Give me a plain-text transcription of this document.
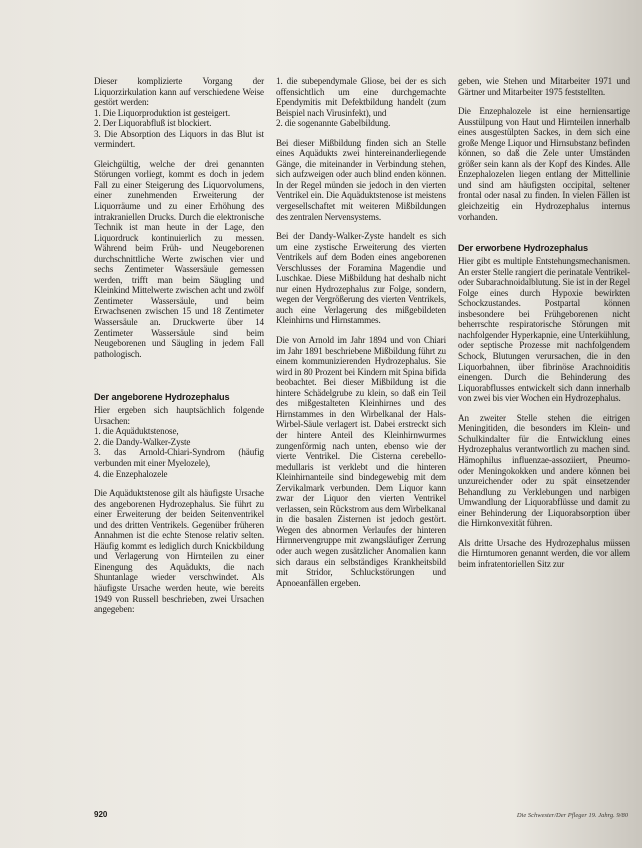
Dieser komplizierte Vorgang der Liquorzirkulation kann auf verschiedene Weise gestört werden:

1. Die Liquorproduktion ist gesteigert.

2. Der Liquorabfluß ist blockiert.

3. Die Absorption des Liquors in das Blut ist vermindert.

Gleichgültig, welche der drei genannten Störungen vorliegt, kommt es doch in jedem Fall zu einer Steigerung des Liquorvolumens, einer zunehmenden Erweiterung der Liquorräume und zu einer Erhöhung des intrakraniellen Drucks. Durch die elektronische Technik ist man heute in der Lage, den Liquordruck kontinuierlich zu messen. Während beim Früh- und Neugeborenen durchschnittliche Werte zwischen vier und sechs Zentimeter Wassersäule gemessen werden, trifft man beim Säugling und Kleinkind Mittelwerte zwischen acht und zwölf Zentimeter Wassersäule, und beim Erwachsenen zwischen 15 und 18 Zentimeter Wassersäule an. Druckwerte über 14 Zentimeter Wassersäule sind beim Neugeborenen und Säugling in jedem Fall pathologisch.

Der angeborene Hydrozephalus

Hier ergeben sich hauptsächlich folgende Ursachen:

1. die Aquäduktstenose,

2. die Dandy-Walker-Zyste

3. das Arnold-Chiari-Syndrom (häufig verbunden mit einer Myelozele),

4. die Enzephalozele

Die Aquäduktstenose gilt als häufigste Ursache des angeborenen Hydrozephalus. Sie führt zu einer Erweiterung der beiden Seitenventrikel und des dritten Ventrikels. Gegenüber früheren Annahmen ist die echte Stenose relativ selten. Häufig kommt es lediglich durch Knickbildung und Verlagerung von Hirnteilen zu einer Einengung des Aquädukts, die nach Shuntanlage wieder verschwindet. Als häufigste Ursache werden heute, wie bereits 1949 von Russell beschrieben, zwei Ursachen angegeben:

1. die subependymale Gliose, bei der es sich offensichtlich um eine durchgemachte Ependymitis mit Defektbildung handelt (zum Beispiel nach Virusinfekt), und

2. die sogenannte Gabelbildung.

Bei dieser Mißbildung finden sich an Stelle eines Aquädukts zwei hintereinanderliegende Gänge, die miteinander in Verbindung stehen, sich aufzweigen oder auch blind enden können. In der Regel münden sie jedoch in den vierten Ventrikel ein. Die Aquäduktstenose ist meistens vergesellschaftet mit weiteren Mißbildungen des zentralen Nervensystems.

Bei der Dandy-Walker-Zyste handelt es sich um eine zystische Erweiterung des vierten Ventrikels auf dem Boden eines angeborenen Verschlusses der Foramina Magendie und Luschkae. Diese Mißbildung hat deshalb nicht nur einen Hydrozephalus zur Folge, sondern, wegen der Vergrößerung des vierten Ventrikels, auch eine Verlagerung des mißgebildeten Kleinhirns und Hirnstammes.

Die von Arnold im Jahr 1894 und von Chiari im Jahr 1891 beschriebene Mißbildung führt zu einem kommunizierenden Hydrozephalus. Sie wird in 80 Prozent bei Kindern mit Spina bifida beobachtet. Bei dieser Mißbildung ist die hintere Schädelgrube zu klein, so daß ein Teil des mißgestalteten Kleinhirnes und des Hirnstammes in den Wirbelkanal der Hals-Wirbel-Säule verlagert ist. Dabei erstreckt sich der hintere Anteil des Kleinhirnwurmes zungenförmig nach unten, ebenso wie der vierte Ventrikel. Die Cisterna cerebello-medullaris ist verklebt und die hinteren Kleinhirnanteile sind bindegewebig mit dem Zervikalmark verbunden. Dem Liquor kann zwar der Liquor den vierten Ventrikel verlassen, sein Rückstrom aus dem Wirbelkanal in die basalen Zisternen ist jedoch gestört. Wegen des abnormen Verlaufes der hinteren Hirnnervengruppe mit zwangsläufiger Zerrung oder auch wegen zusätzlicher Anomalien kann sich daraus ein selbständiges Krankheitsbild mit Stridor, Schluckstörungen und Apnoeanfällen ergeben.

geben, wie Stehen und Mitarbeiter 1971 und Gärtner und Mitarbeiter 1975 feststellten.

Die Enzephalozele ist eine herniensartige Ausstülpung von Haut und Hirnteilen innerhalb eines ausgestülpten Sackes, in dem sich eine große Menge Liquor und Hirnsubstanz befinden können, so daß die Zele unter Umständen größer sein kann als der Kopf des Kindes. Alle Enzephalozelen liegen entlang der Mittellinie und sind am häufigsten occipital, seltener frontal oder nasal zu finden. In vielen Fällen ist gleichzeitig ein Hydrozephalus internus vorhanden.

Der erworbene Hydrozephalus

Hier gibt es multiple Entstehungsmechanismen. An erster Stelle rangiert die perinatale Ventrikel- oder Subarachnoidalblutung. Sie ist in der Regel Folge eines durch Hypoxie bewirkten Schockzustandes. Postpartal können insbesondere bei Frühgeborenen nicht beherrschte respiratorische Störungen mit nachfolgender Hyperkapnie, eine Unterkühlung, oder septische Prozesse mit nachfolgendem Schock, Blutungen verursachen, die in den Liquorbahnen, über fibrinöse Arachnoiditis einengen. Durch die Behinderung des Liquorabflusses entwickelt sich dann innerhalb von zwei bis vier Wochen ein Hydrozephalus.

An zweiter Stelle stehen die eitrigen Meningitiden, die besonders im Klein- und Schulkindalter für die Entwicklung eines Hydrozephalus verantwortlich zu machen sind. Hämophilus influenzae-assoziiert, Pneumo- oder Meningokokken und andere können bei unzureichender oder zu spät einsetzender Behandlung zu Verklebungen und narbigen Umwandlung der Liquorabflüsse und damit zu einer Behinderung der Liquorabsorption über die Hirnkonvexität führen.

Als dritte Ursache des Hydrozephalus müssen die Hirntumoren genannt werden, die vor allem beim infratentoriellen Sitz zur

920	Die Schwester/Der Pfleger 19. Jahrg. 9/80
